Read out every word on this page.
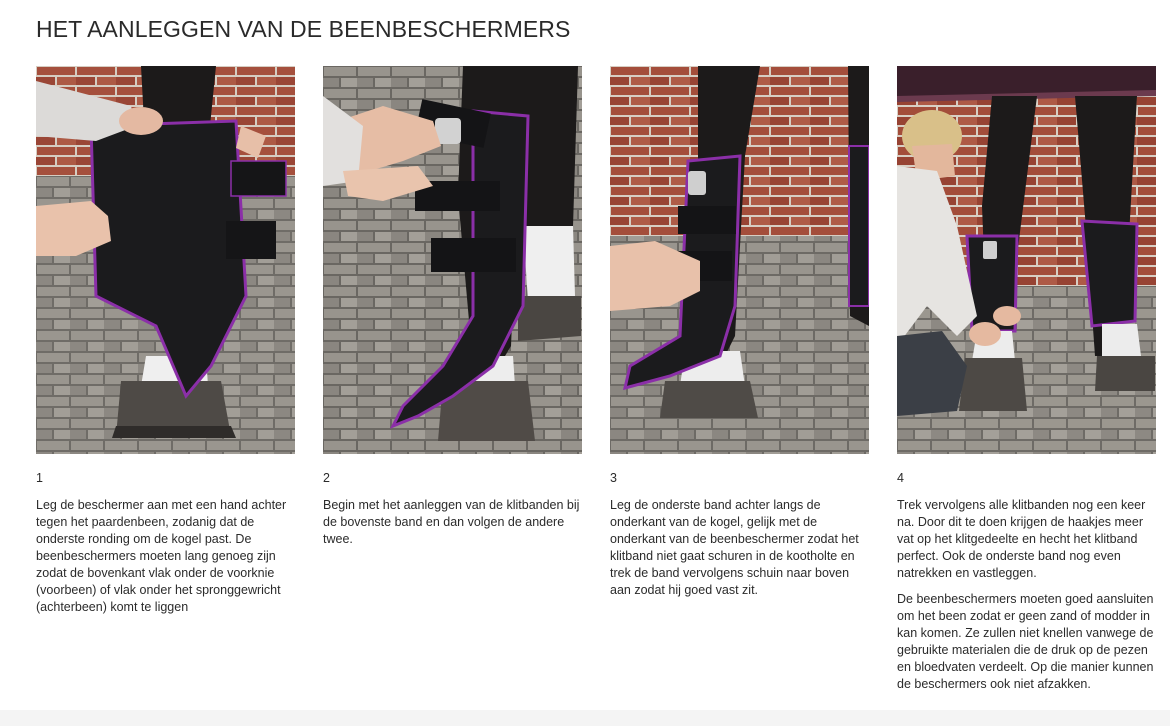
HET AANLEGGEN VAN DE BEENBESCHERMERS
1

Leg de beschermer aan met een hand achter tegen het paardenbeen, zodanig dat de onderste ronding om de kogel past. De beenbeschermers moeten lang genoeg zijn zodat de bovenkant vlak onder de voorknie (voorbeen) of vlak onder het spronggewricht (achterbeen) komt te liggen

2

Begin met het aanleggen van de klitbanden bij de bovenste band en dan volgen de andere twee.

3

Leg de onderste band achter langs de onderkant van de kogel, gelijk met de onderkant van de beenbeschermer zodat het klitband niet gaat schuren in de kootholte en trek de band vervolgens schuin naar boven aan zodat hij goed vast zit.

4

Trek vervolgens alle klitbanden nog een keer na. Door dit te doen krijgen de haakjes meer vat op het klitgedeelte en hecht het klitband perfect. Ook de onderste band nog even natrekken en vastleggen.

De beenbeschermers moeten goed aansluiten om het been zodat er geen zand of modder in kan komen. Ze zullen niet knellen vanwege de gebruikte materialen die de druk op de pezen en bloedvaten verdeelt. Op die manier kunnen de beschermers ook niet afzakken.
